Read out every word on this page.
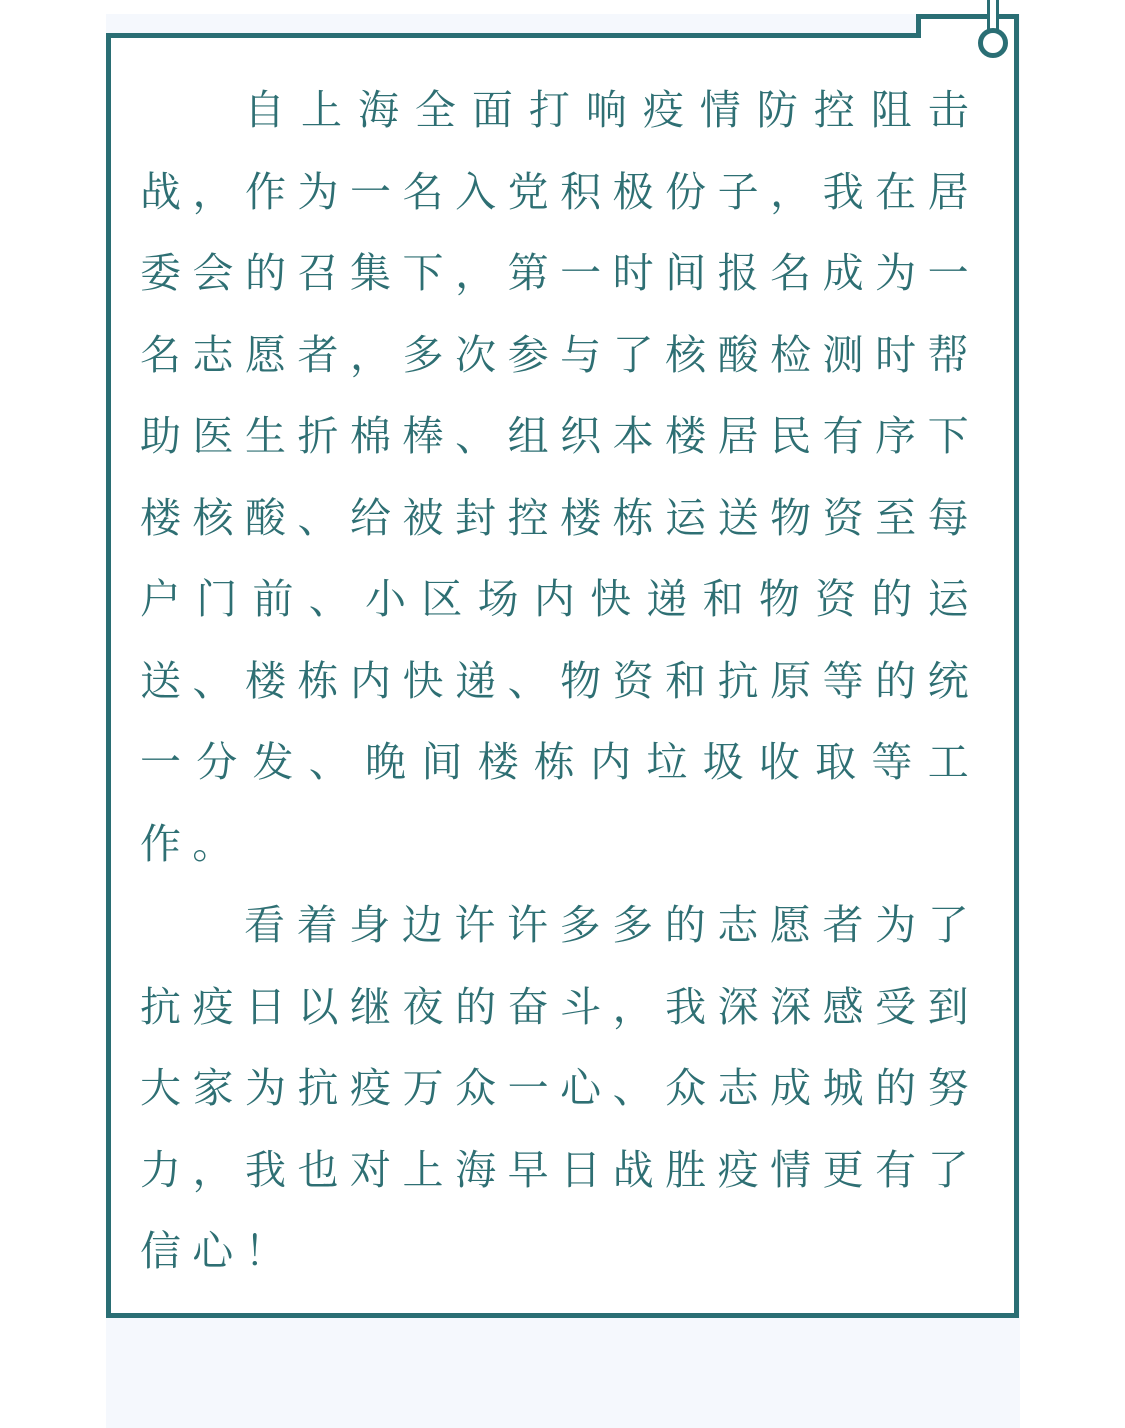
自上海全面打响疫情防控阻击战，作为一名入党积极份子，我在居委会的召集下，第一时间报名成为一名志愿者，多次参与了核酸检测时帮助医生折棉棒、组织本楼居民有序下楼核酸、给被封控楼栋运送物资至每户门前、小区场内快递和物资的运送、楼栋内快递、物资和抗原等的统一分发、晚间楼栋内垃圾收取等工作。

看着身边许许多多的志愿者为了抗疫日以继夜的奋斗，我深深感受到大家为抗疫万众一心、众志成城的努力，我也对上海早日战胜疫情更有了信心！
